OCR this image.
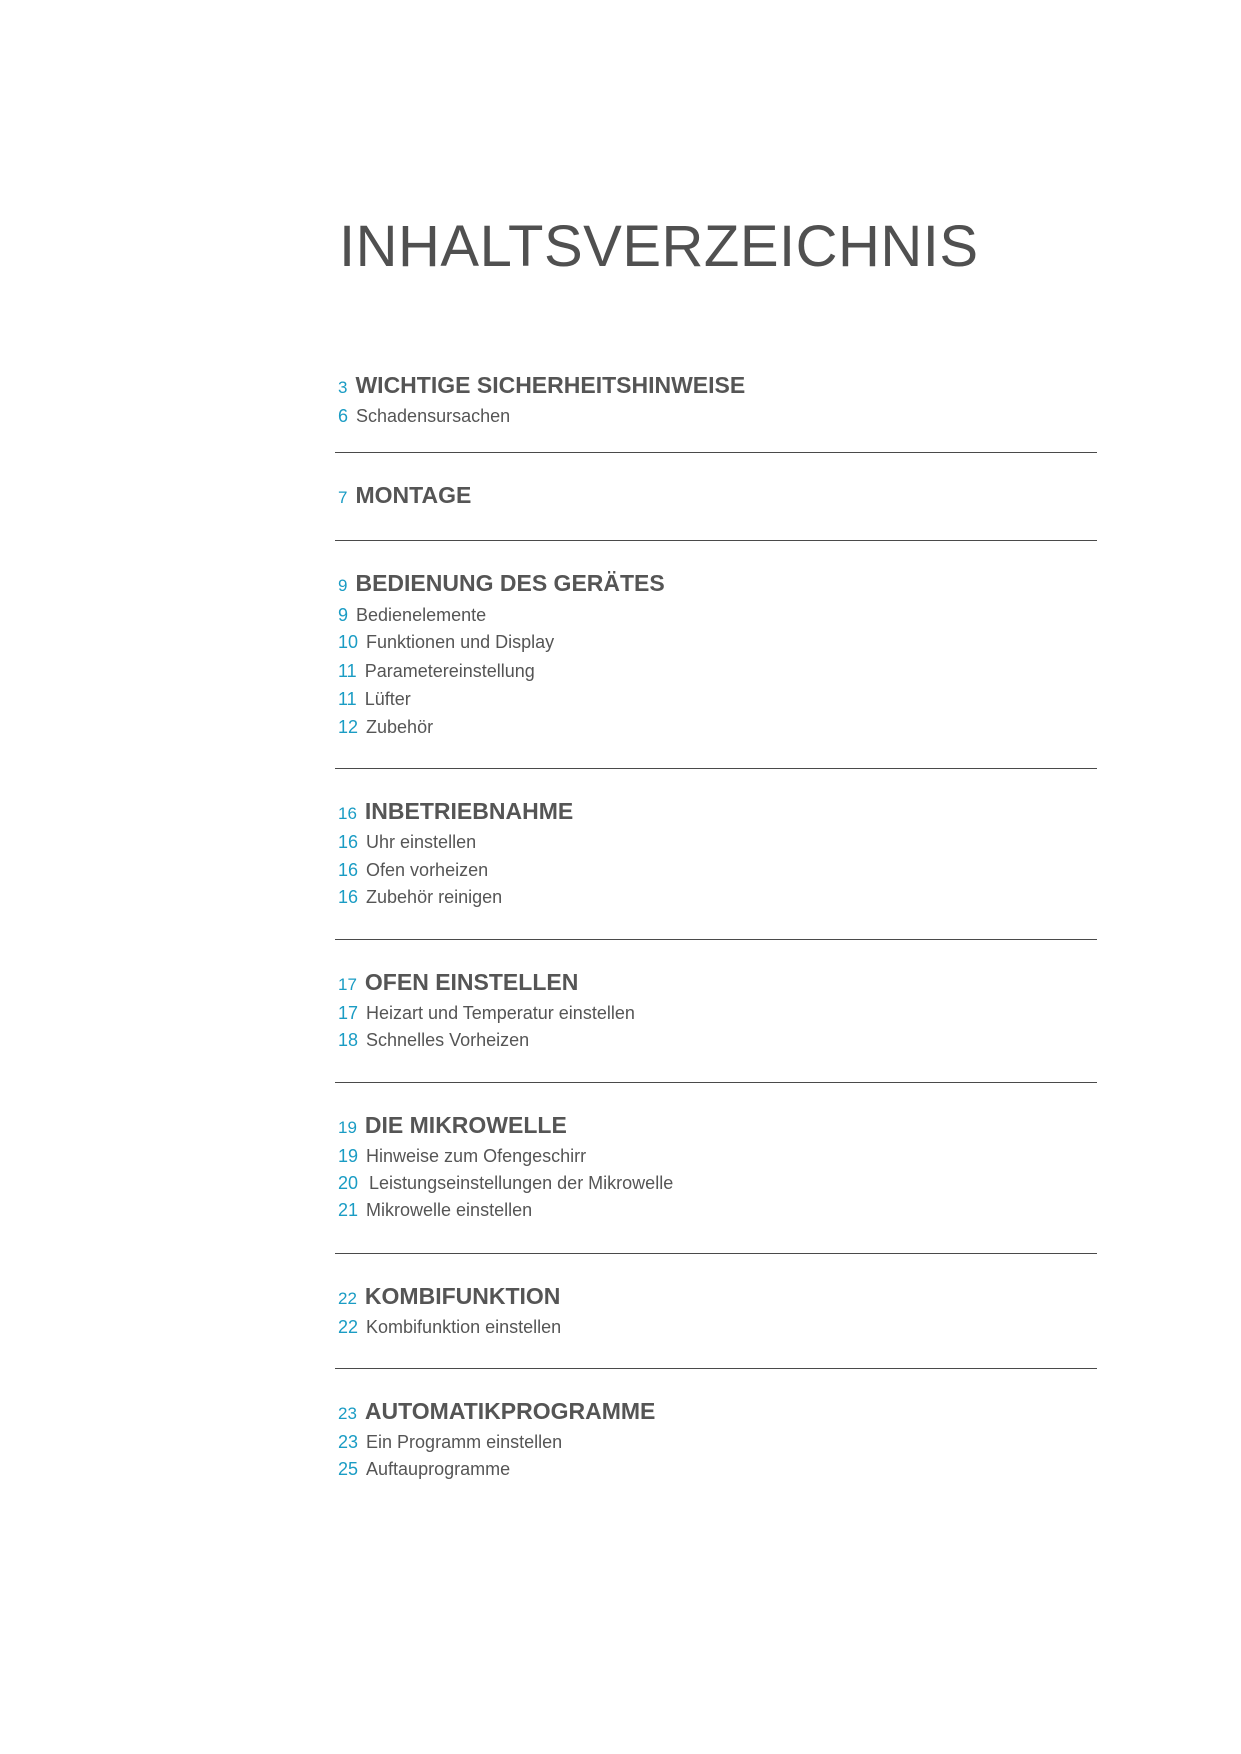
INHALTSVERZEICHNIS
3 WICHTIGE SICHERHEITSHINWEISE
6 Schadensursachen
7 MONTAGE
9 BEDIENUNG DES GERÄTES
9 Bedienelemente
10 Funktionen und Display
11 Parametereinstellung
11 Lüfter
12 Zubehör
16 INBETRIEBNAHME
16 Uhr einstellen
16 Ofen vorheizen
16 Zubehör reinigen
17 OFEN EINSTELLEN
17 Heizart und Temperatur einstellen
18 Schnelles Vorheizen
19 DIE MIKROWELLE
19 Hinweise zum Ofengeschirr
20 Leistungseinstellungen der Mikrowelle
21 Mikrowelle einstellen
22 KOMBIFUNKTION
22 Kombifunktion einstellen
23 AUTOMATIKPROGRAMME
23 Ein Programm einstellen
25 Auftauprogramme
